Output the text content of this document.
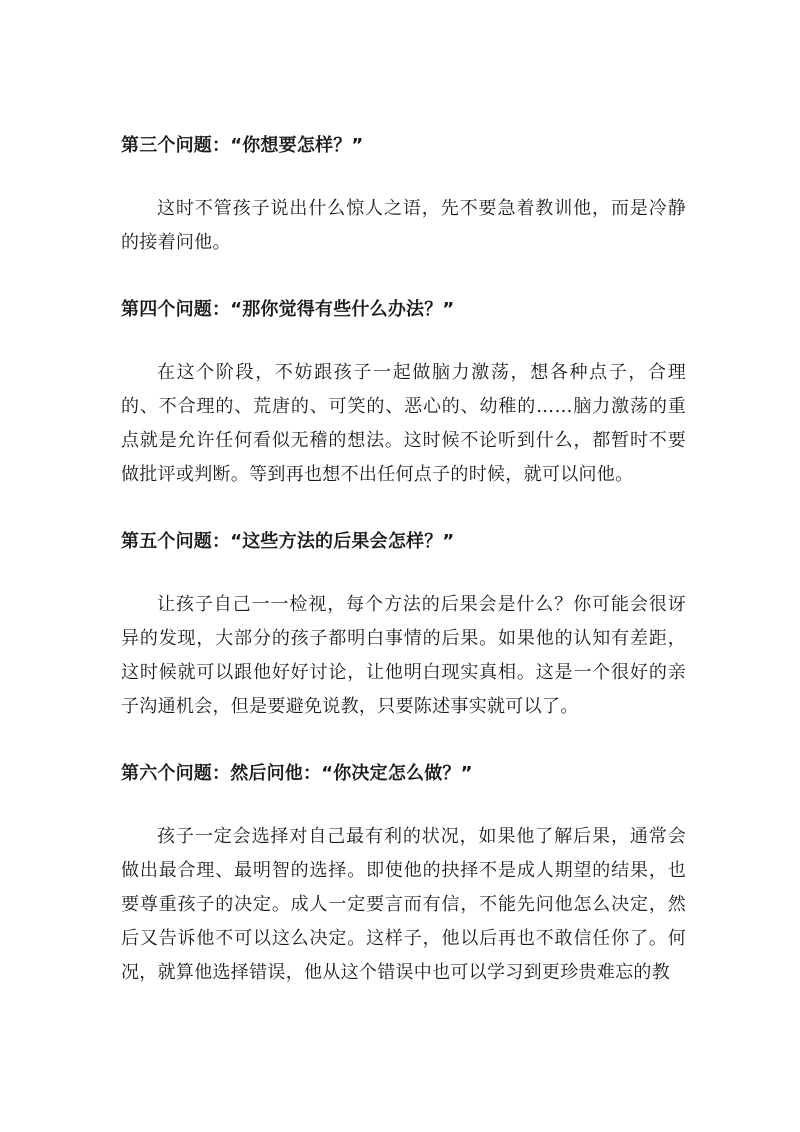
第三个问题：“你想要怎样？”

这时不管孩子说出什么惊人之语，先不要急着教训他，而是冷静的接着问他。

第四个问题：“那你觉得有些什么办法？”

在这个阶段，不妨跟孩子一起做脑力激荡，想各种点子，合理的、不合理的、荒唐的、可笑的、恶心的、幼稚的……脑力激荡的重点就是允许任何看似无稽的想法。这时候不论听到什么，都暂时不要做批评或判断。等到再也想不出任何点子的时候，就可以问他。

第五个问题：“这些方法的后果会怎样？”

让孩子自己一一检视，每个方法的后果会是什么？你可能会很讶异的发现，大部分的孩子都明白事情的后果。如果他的认知有差距，这时候就可以跟他好好讨论，让他明白现实真相。这是一个很好的亲子沟通机会，但是要避免说教，只要陈述事实就可以了。

第六个问题：然后问他：“你决定怎么做？”

孩子一定会选择对自己最有利的状况，如果他了解后果，通常会做出最合理、最明智的选择。即使他的抉择不是成人期望的结果，也要尊重孩子的决定。成人一定要言而有信，不能先问他怎么决定，然后又告诉他不可以这么决定。这样子，他以后再也不敢信任你了。何况，就算他选择错误，他从这个错误中也可以学习到更珍贵难忘的教
